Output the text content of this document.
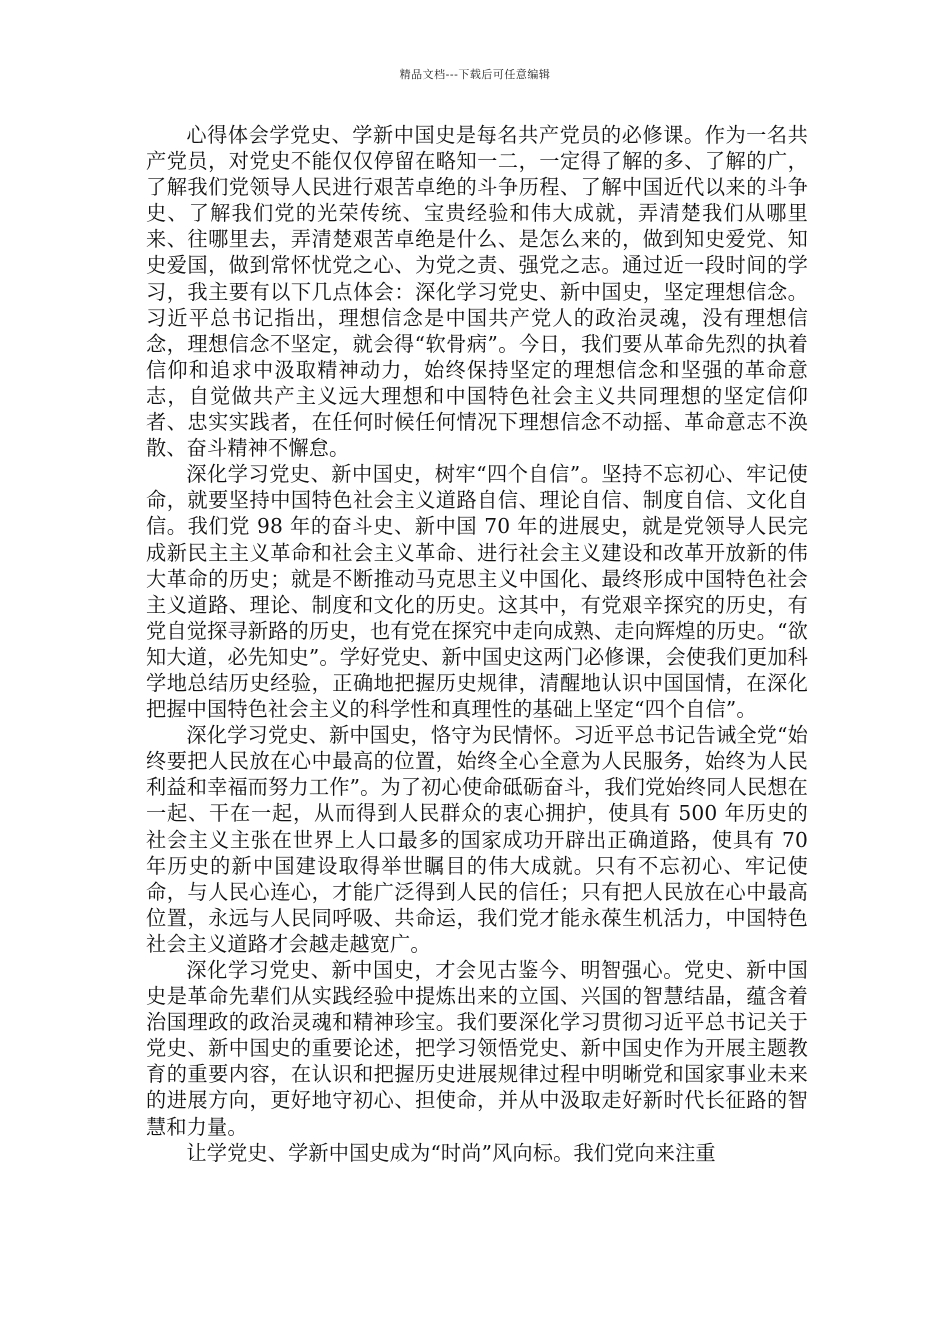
精品文档---下载后可任意编辑

心得体会学党史、学新中国史是每名共产党员的必修课。作为一名共产党员，对党史不能仅仅停留在略知一二，一定得了解的多、了解的广，了解我们党领导人民进行艰苦卓绝的斗争历程、了解中国近代以来的斗争史、了解我们党的光荣传统、宝贵经验和伟大成就，弄清楚我们从哪里来、往哪里去，弄清楚艰苦卓绝是什么、是怎么来的，做到知史爱党、知史爱国，做到常怀忧党之心、为党之责、强党之志。通过近一段时间的学习，我主要有以下几点体会：深化学习党史、新中国史，坚定理想信念。习近平总书记指出，理想信念是中国共产党人的政治灵魂，没有理想信念，理想信念不坚定，就会得“软骨病”。今日，我们要从革命先烈的执着信仰和追求中汲取精神动力，始终保持坚定的理想信念和坚强的革命意志，自觉做共产主义远大理想和中国特色社会主义共同理想的坚定信仰者、忠实实践者，在任何时候任何情况下理想信念不动摇、革命意志不涣散、奋斗精神不懈怠。

深化学习党史、新中国史，树牢“四个自信”。坚持不忘初心、牢记使命，就要坚持中国特色社会主义道路自信、理论自信、制度自信、文化自信。我们党 98 年的奋斗史、新中国 70 年的进展史，就是党领导人民完成新民主主义革命和社会主义革命、进行社会主义建设和改革开放新的伟大革命的历史；就是不断推动马克思主义中国化、最终形成中国特色社会主义道路、理论、制度和文化的历史。这其中，有党艰辛探究的历史，有党自觉探寻新路的历史，也有党在探究中走向成熟、走向辉煌的历史。“欲知大道，必先知史”。学好党史、新中国史这两门必修课，会使我们更加科学地总结历史经验，正确地把握历史规律，清醒地认识中国国情，在深化把握中国特色社会主义的科学性和真理性的基础上坚定“四个自信”。

深化学习党史、新中国史，恪守为民情怀。习近平总书记告诫全党“始终要把人民放在心中最高的位置，始终全心全意为人民服务，始终为人民利益和幸福而努力工作”。为了初心使命砥砺奋斗，我们党始终同人民想在一起、干在一起，从而得到人民群众的衷心拥护，使具有 500 年历史的社会主义主张在世界上人口最多的国家成功开辟出正确道路，使具有 70 年历史的新中国建设取得举世瞩目的伟大成就。只有不忘初心、牢记使命，与人民心连心，才能广泛得到人民的信任；只有把人民放在心中最高位置，永远与人民同呼吸、共命运，我们党才能永葆生机活力，中国特色社会主义道路才会越走越宽广。

深化学习党史、新中国史，才会见古鉴今、明智强心。党史、新中国史是革命先辈们从实践经验中提炼出来的立国、兴国的智慧结晶，蕴含着治国理政的政治灵魂和精神珍宝。我们要深化学习贯彻习近平总书记关于党史、新中国史的重要论述，把学习领悟党史、新中国史作为开展主题教育的重要内容，在认识和把握历史进展规律过程中明晰党和国家事业未来的进展方向，更好地守初心、担使命，并从中汲取走好新时代长征路的智慧和力量。

让学党史、学新中国史成为“时尚”风向标。我们党向来注重
